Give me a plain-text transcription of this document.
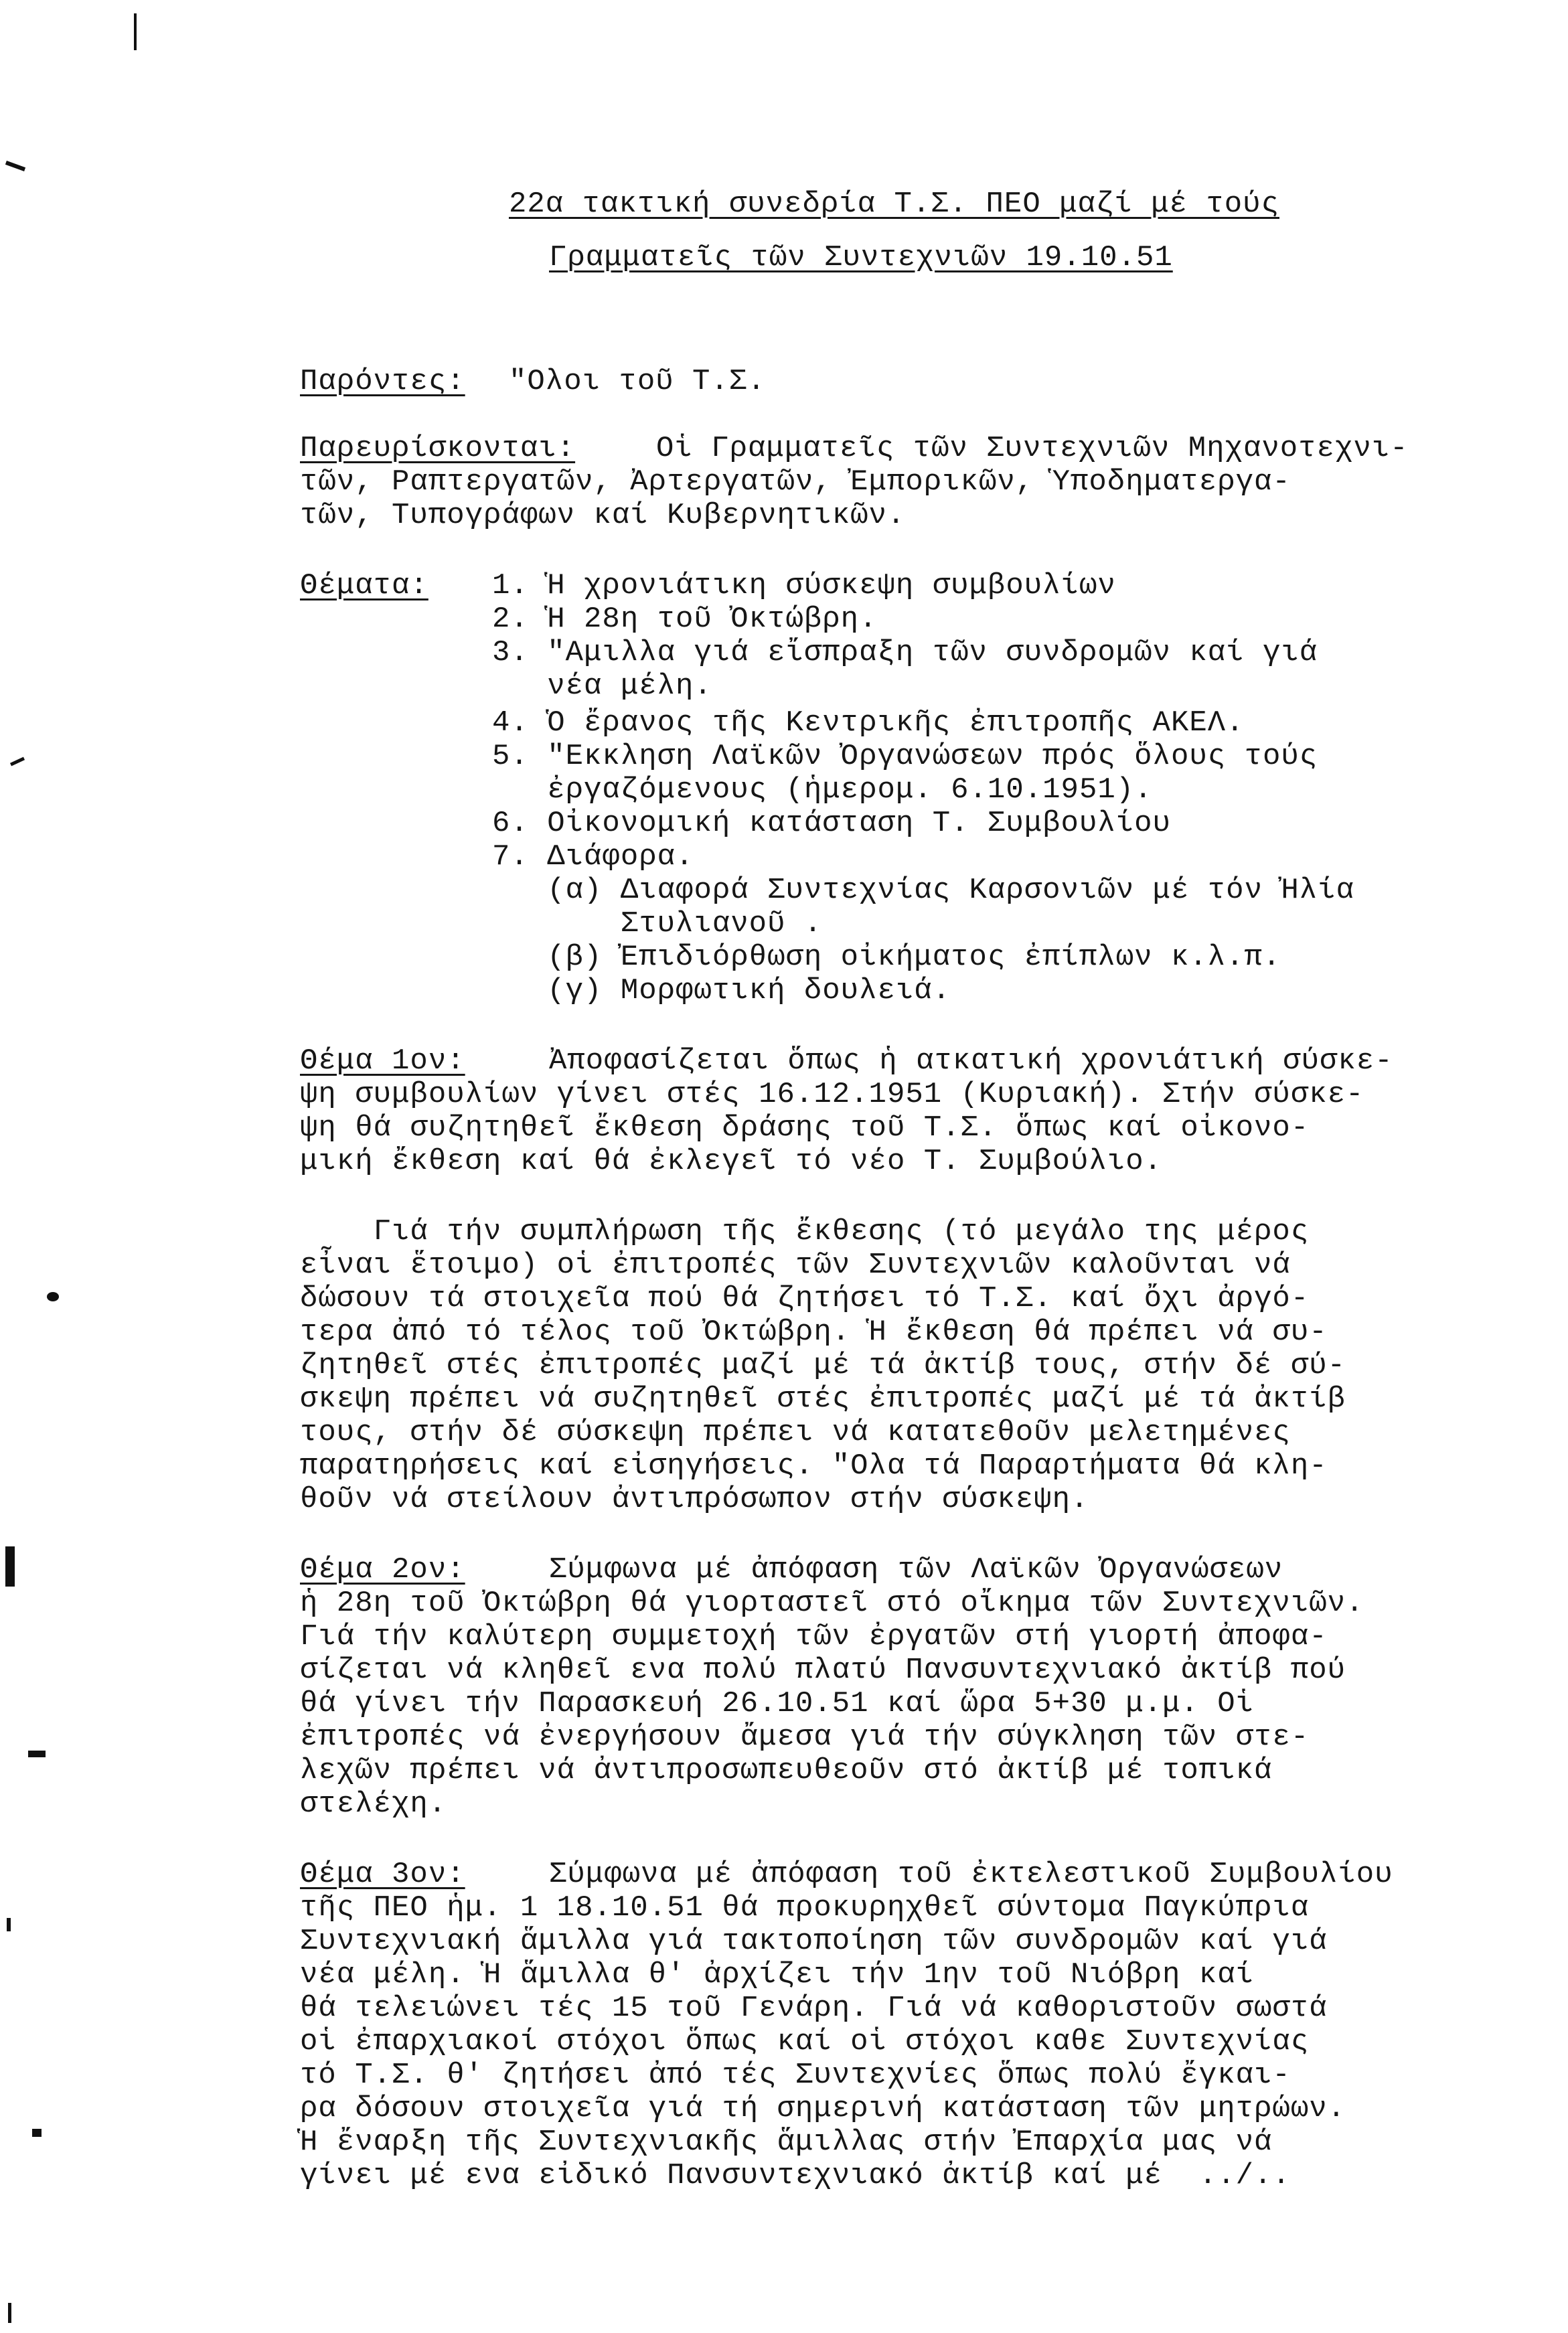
22α τακτική συνεδρία Τ.Σ. ΠΕΟ μαζί μέ τούς
Γραμματεῖς τῶν Συντεχνιῶν 19.10.51
Παρόντες: "Ολοι τοῦ Τ.Σ.
Παρευρίσκονται:	Οἱ Γραμματεῖς τῶν Συντεχνιῶν Μηχανοτεχνι-
τῶν, Ραπτεργατῶν, Ἀρτεργατῶν, Ἐμπορικῶν, Ὑποδηματεργα-
τῶν, Τυπογράφων καί Κυβερνητικῶν.
Θέματα: 1. Ἡ χρονιάτικη σύσκεψη συμβουλίων
2. Ἡ 28η τοῦ Ὀκτώβρη.
3. "Αμιλλα γιά εἴσπραξη τῶν συνδρομῶν καί γιά
νέα μέλη.
4. Ὁ ἔρανος τῆς Κεντρικῆς ἐπιτροπῆς ΑΚΕΛ.
5. "Εκκληση Λαϊκῶν Ὀργανώσεων πρός ὅλους τούς
ἐργαζόμενους (ἡμερομ. 6.10.1951).
6. Οἰκονομική κατάσταση Τ. Συμβουλίου
7. Διάφορα.
(α) Διαφορά Συντεχνίας Καρσονιῶν μέ τόν Ἠλία
Στυλιανοῦ .
(β) Ἐπιδιόρθωση οἰκήματος ἐπίπλων κ.λ.π.
(γ) Μορφωτική δουλειά.
Θέμα 1ον:	Ἀποφασίζεται ὅπως ἡ ατκατική χρονιάτική σύσκε-
ψη συμβουλίων γίνει στές 16.12.1951 (Κυριακή). Στήν σύσκε-
ψη θά συζητηθεῖ ἔκθεση δράσης τοῦ Τ.Σ. ὅπως καί οἰκονο-
μική ἔκθεση καί θά ἐκλεγεῖ τό νέο Τ. Συμβούλιο.
Γιά τήν συμπλήρωση τῆς ἔκθεσης (τό μεγάλο της μέρος
εἶναι ἕτοιμο) οἱ ἐπιτροπές τῶν Συντεχνιῶν καλοῦνται νά
δώσουν τά στοιχεῖα πού θά ζητήσει τό Τ.Σ. καί ὄχι ἀργό-
τερα ἀπό τό τέλος τοῦ Ὀκτώβρη. Ἡ ἔκθεση θά πρέπει νά συ-
ζητηθεῖ στές ἐπιτροπές μαζί μέ τά ἀκτίβ τους, στήν δέ σύ-
σκεψη πρέπει νά συζητηθεῖ στές ἐπιτροπές μαζί μέ τά ἀκτίβ
τους, στήν δέ σύσκεψη πρέπει νά κατατεθοῦν μελετημένες
παρατηρήσεις καί εἰσηγήσεις. "Ολα τά Παραρτήματα θά κλη-
θοῦν νά στείλουν ἀντιπρόσωπον στήν σύσκεψη.
Θέμα 2ον:	Σύμφωνα μέ ἀπόφαση τῶν Λαϊκῶν Ὀργανώσεων
ἡ 28η τοῦ Ὀκτώβρη θά γιορταστεῖ στό οἴκημα τῶν Συντεχνιῶν.
Γιά τήν καλύτερη συμμετοχή τῶν ἐργατῶν στή γιορτή ἀποφα-
σίζεται νά κληθεῖ ενα πολύ πλατύ Πανσυντεχνιακό ἀκτίβ πού
θά γίνει τήν Παρασκευή 26.10.51 καί ὥρα 5+30 μ.μ. Οἱ
ἐπιτροπές νά ἐνεργήσουν ἄμεσα γιά τήν σύγκληση τῶν στε-
λεχῶν πρέπει νά ἀντιπροσωπευθεοῦν στό ἀκτίβ μέ τοπικά
στελέχη.
Θέμα 3ον:	Σύμφωνα μέ ἀπόφαση τοῦ ἐκτελεστικοῦ Συμβουλίου
τῆς ΠΕΟ ἡμ. 1 18.10.51 θά προκυρηχθεῖ σύντομα Παγκύπρια
Συντεχνιακή ἅμιλλα γιά τακτοποίηση τῶν συνδρομῶν καί γιά
νέα μέλη. Ἡ ἅμιλλα θ' ἀρχίζει τήν 1ην τοῦ Νιόβρη καί
θά τελειώνει τές 15 τοῦ Γενάρη. Γιά νά καθοριστοῦν σωστά
οἱ ἐπαρχιακοί στόχοι ὅπως καί οἱ στόχοι καθε Συντεχνίας
τό Τ.Σ. θ' ζητήσει ἀπό τές Συντεχνίες ὅπως πολύ ἔγκαι-
ρα δόσουν στοιχεῖα γιά τή σημερινή κατάσταση τῶν μητρώων.
Ἡ ἔναρξη τῆς Συντεχνιακῆς ἅμιλλας στήν Ἐπαρχία μας νά
γίνει μέ ενα εἰδικό Πανσυντεχνιακό ἀκτίβ καί μέ  ../..
